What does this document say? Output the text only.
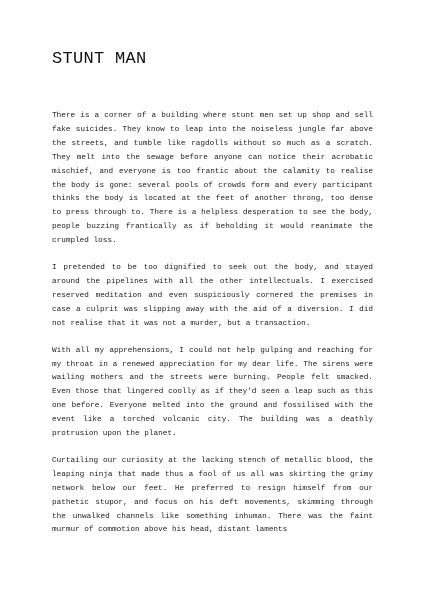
STUNT MAN

There is a corner of a building where stunt men set up shop and sell fake suicides. They know to leap into the noiseless jungle far above the streets, and tumble like ragdolls without so much as a scratch. They melt into the sewage before anyone can notice their acrobatic mischief, and everyone is too frantic about the calamity to realise the body is gone: several pools of crowds form and every participant thinks the body is located at the feet of another throng, too dense to press through to. There is a helpless desperation to see the body, people buzzing frantically as if beholding it would reanimate the crumpled loss.

I pretended to be too dignified to seek out the body, and stayed around the pipelines with all the other intellectuals. I exercised reserved meditation and even suspiciously cornered the premises in case a culprit was slipping away with the aid of a diversion. I did not realise that it was not a murder, but a transaction.

With all my apprehensions, I could not help gulping and reaching for my throat in a renewed appreciation for my dear life. The sirens were wailing mothers and the streets were burning. People felt smacked. Even those that lingered coolly as if they'd seen a leap such as this one before. Everyone melted into the ground and fossilised with the event like a torched volcanic city. The building was a deathly protrusion upon the planet.

Curtailing our curiosity at the lacking stench of metallic blood, the leaping ninja that made thus a fool of us all was skirting the grimy network below our feet. He preferred to resign himself from our pathetic stupor, and focus on his deft movements, skimming through the unwalked channels like something inhuman. There was the faint murmur of commotion above his head, distant laments
